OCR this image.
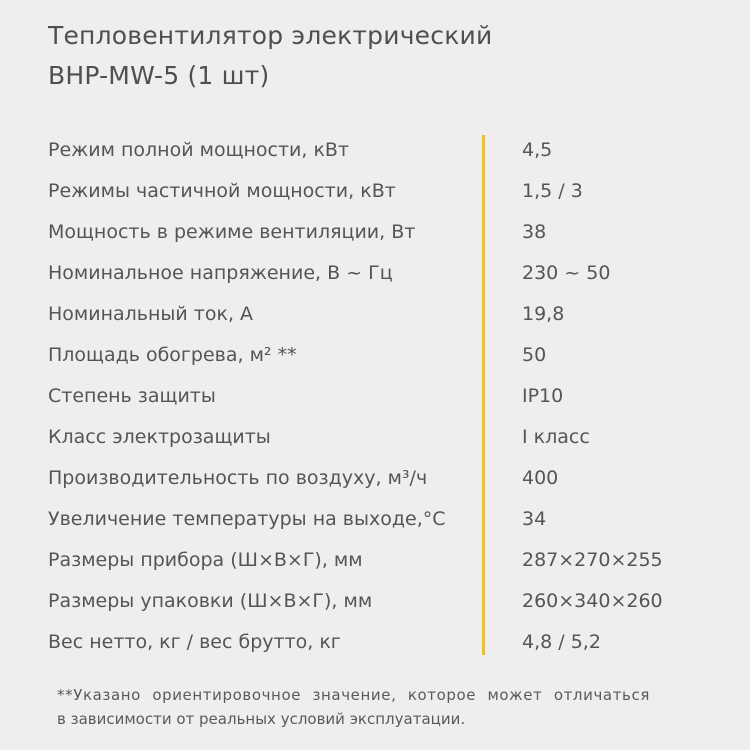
Тепловентилятор электрический
BHP-MW-5 (1 шт)
Режим полной мощности, кВт	4,5
Режимы частичной мощности, кВт	1,5 / 3
Мощность в режиме вентиляции, Вт	38
Номинальное напряжение, В ~ Гц	230 ~ 50
Номинальный ток, А	19,8
Площадь обогрева, м² **	50
Степень защиты	IP10
Класс электрозащиты	I класс
Производительность по воздуху, м³/ч	400
Увеличение температуры на выходе,°С	34
Размеры прибора (Ш×В×Г), мм	287×270×255
Размеры упаковки (Ш×В×Г), мм	260×340×260
Вес нетто, кг / вес брутто, кг	4,8 / 5,2
**Указано ориентировочное значение, которое может отличаться
в зависимости от реальных условий эксплуатации.
